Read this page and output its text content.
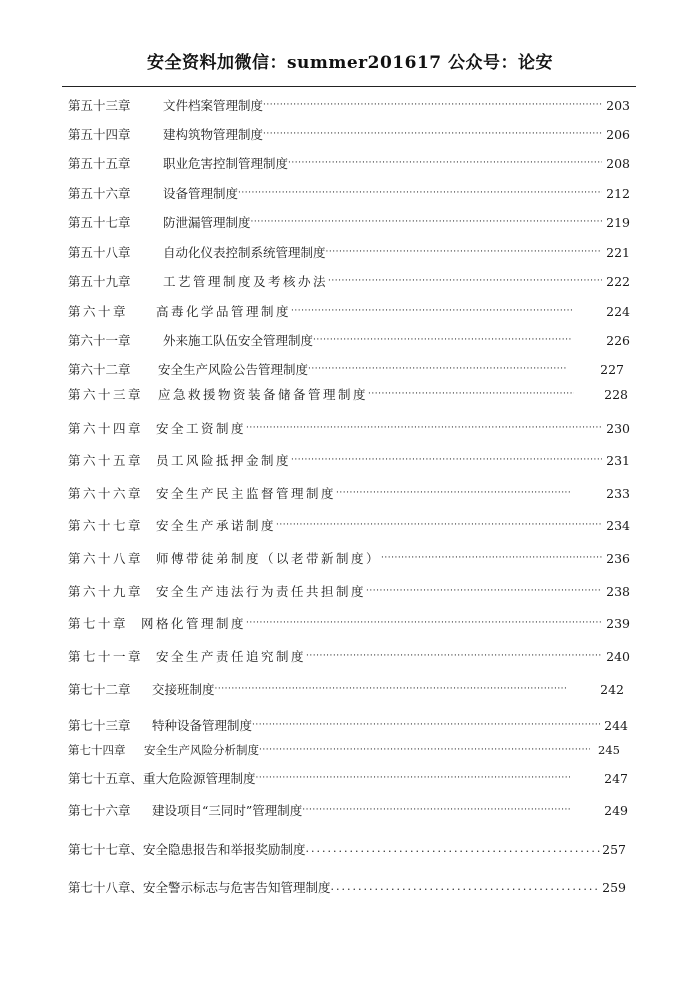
安全资料加微信：summer201617 公众号：论安
第五十三章	文件档案管理制度 ·····	203
第五十四章	建构筑物管理制度 ·····	206
第五十五章	职业危害控制管理制度 ·····	208
第五十六章	设备管理制度 ·····	212
第五十七章	防泄漏管理制度 ·····	219
第五十八章	自动化仪表控制系统管理制度 ·····	221
第五十九章	工艺管理制度及考核办法 ·····	222
第六十章	高毒化学品管理制度 ·····	224
第六十一章	外来施工队伍安全管理制度 ·····	226
第六十二章	安全生产风险公告管理制度 ·····	227
第六十三章	应急救援物资装备储备管理制度 ·····	228
第六十四章	安全工资制度 ·····	230
第六十五章	员工风险抵押金制度 ·····	231
第六十六章	安全生产民主监督管理制度 ·····	233
第六十七章	安全生产承诺制度 ·····	234
第六十八章	师傅带徒弟制度（以老带新制度） ·····	236
第六十九章	安全生产违法行为责任共担制度 ·····	238
第七十章	网格化管理制度 ·····	239
第七十一章	安全生产责任追究制度 ·····	240
第七十二章	交接班制度 ·····	242
第七十三章	特种设备管理制度 ·····	244
第七十四章	安全生产风险分析制度 ·····	245
第七十五章、 重大危险源管理制度 ·····	247
第七十六章	建设项目“三同时”管理制度 ·····	249
第七十七章、 安全隐患报告和举报奖励制度 .....	257
第七十八章、 安全警示标志与危害告知管理制度 .....	259
